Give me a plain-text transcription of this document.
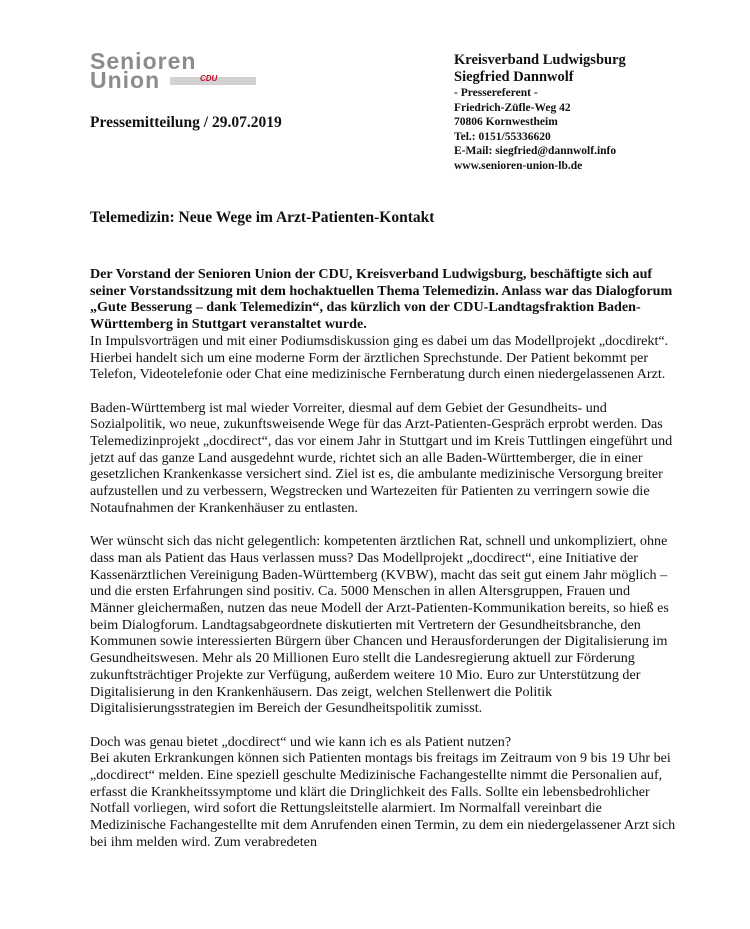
Senioren
Union	CDU

Kreisverband Ludwigsburg

Siegfried Dannwolf

- Pressereferent -

Friedrich-Züfle-Weg 42

70806 Kornwestheim

Tel.: 0151/55336620

E-Mail: siegfried@dannwolf.info

www.senioren-union-lb.de

Pressemitteilung / 29.07.2019

Telemedizin: Neue Wege im Arzt-Patienten-Kontakt

Der Vorstand der Senioren Union der CDU, Kreisverband Ludwigsburg, beschäftigte sich auf seiner Vorstandssitzung mit dem hochaktuellen Thema Telemedizin. Anlass war das Dialogforum „Gute Besserung – dank Telemedizin“, das kürzlich von der CDU-Landtagsfraktion Baden-Württemberg in Stuttgart veranstaltet wurde.

In Impulsvorträgen und mit einer Podiumsdiskussion ging es dabei um das Modellprojekt „docdirekt“. Hierbei handelt sich um eine moderne Form der ärztlichen Sprechstunde. Der Patient bekommt per Telefon, Videotelefonie oder Chat eine medizinische Fernberatung durch einen niedergelassenen Arzt.

Baden-Württemberg ist mal wieder Vorreiter, diesmal auf dem Gebiet der Gesundheits- und Sozialpolitik, wo neue, zukunftsweisende Wege für das Arzt-Patienten-Gespräch erprobt werden. Das Telemedizinprojekt „docdirect“, das vor einem Jahr in Stuttgart und im Kreis Tuttlingen eingeführt und jetzt auf das ganze Land ausgedehnt wurde, richtet sich an alle Baden-Württemberger, die in einer gesetzlichen Krankenkasse versichert sind. Ziel ist es, die ambulante medizinische Versorgung breiter aufzustellen und zu verbessern, Wegstrecken und Wartezeiten für Patienten zu verringern sowie die Notaufnahmen der Krankenhäuser zu entlasten.

Wer wünscht sich das nicht gelegentlich: kompetenten ärztlichen Rat, schnell und unkompliziert, ohne dass man als Patient das Haus verlassen muss? Das Modellprojekt „docdirect“, eine Initiative der Kassenärztlichen Vereinigung Baden-Württemberg (KVBW), macht das seit gut einem Jahr möglich – und die ersten Erfahrungen sind positiv. Ca. 5000 Menschen in allen Altersgruppen, Frauen und Männer gleichermaßen, nutzen das neue Modell der Arzt-Patienten-Kommunikation bereits, so hieß es beim Dialogforum. Landtagsabgeordnete diskutierten mit Vertretern der Gesundheitsbranche, den Kommunen sowie interessierten Bürgern über Chancen und Herausforderungen der Digitalisierung im Gesundheitswesen. Mehr als 20 Millionen Euro stellt die Landesregierung aktuell zur Förderung zukunftsträchtiger Projekte zur Verfügung, außerdem weitere 10 Mio. Euro zur Unterstützung der Digitalisierung in den Krankenhäusern. Das zeigt, welchen Stellenwert die Politik Digitalisierungsstrategien im Bereich der Gesundheitspolitik zumisst.

Doch was genau bietet „docdirect“ und wie kann ich es als Patient nutzen?

Bei akuten Erkrankungen können sich Patienten montags bis freitags im Zeitraum von 9 bis 19 Uhr bei „docdirect“ melden. Eine speziell geschulte Medizinische Fachangestellte nimmt die Personalien auf, erfasst die Krankheitssymptome und klärt die Dringlichkeit des Falls. Sollte ein lebensbedrohlicher Notfall vorliegen, wird sofort die Rettungsleitstelle alarmiert. Im Normalfall vereinbart die Medizinische Fachangestellte mit dem Anrufenden einen Termin, zu dem ein niedergelassener Arzt sich bei ihm melden wird. Zum verabredeten
